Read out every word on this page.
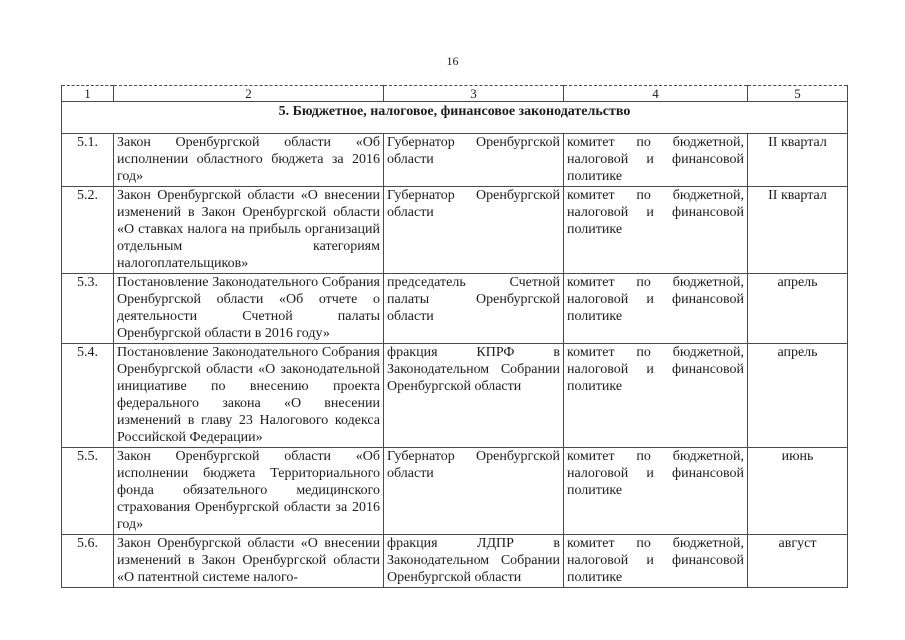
16
1	2	3	4	5
5. Бюджетное, налоговое, финансовое законодательство				
5.1.	Закон Оренбургской области «Об исполнении областного бюджета за 2016 год»	Губернатор Оренбургской области	комитет по бюджетной, налоговой и финансовой политике	II квартал
5.2.	Закон Оренбургской области «О внесении изменений в Закон Оренбургской области «О ставках налога на прибыль организаций отдельным категориям налогоплательщиков»	Губернатор Оренбургской области	комитет по бюджетной, налоговой и финансовой политике	II квартал
5.3.	Постановление Законодательного Собрания Оренбургской области «Об отчете о деятельности Счетной палаты Оренбургской области в 2016 году»	председатель Счетной палаты Оренбургской области	комитет по бюджетной, налоговой и финансовой политике	апрель
5.4.	Постановление Законодательного Собрания Оренбургской области «О законодательной инициативе по внесению проекта федерального закона «О внесении изменений в главу 23 Налогового кодекса Российской Федерации»	фракция КПРФ в Законодательном Собрании Оренбургской области	комитет по бюджетной, налоговой и финансовой политике	апрель
5.5.	Закон Оренбургской области «Об исполнении бюджета Территориального фонда обязательного медицинского страхования Оренбургской области за 2016 год»	Губернатор Оренбургской области	комитет по бюджетной, налоговой и финансовой политике	июнь
5.6.	Закон Оренбургской области «О внесении изменений в Закон Оренбургской области «О патентной системе налого-	фракция ЛДПР в Законодательном Собрании Оренбургской области	комитет по бюджетной, налоговой и финансовой политике	август
